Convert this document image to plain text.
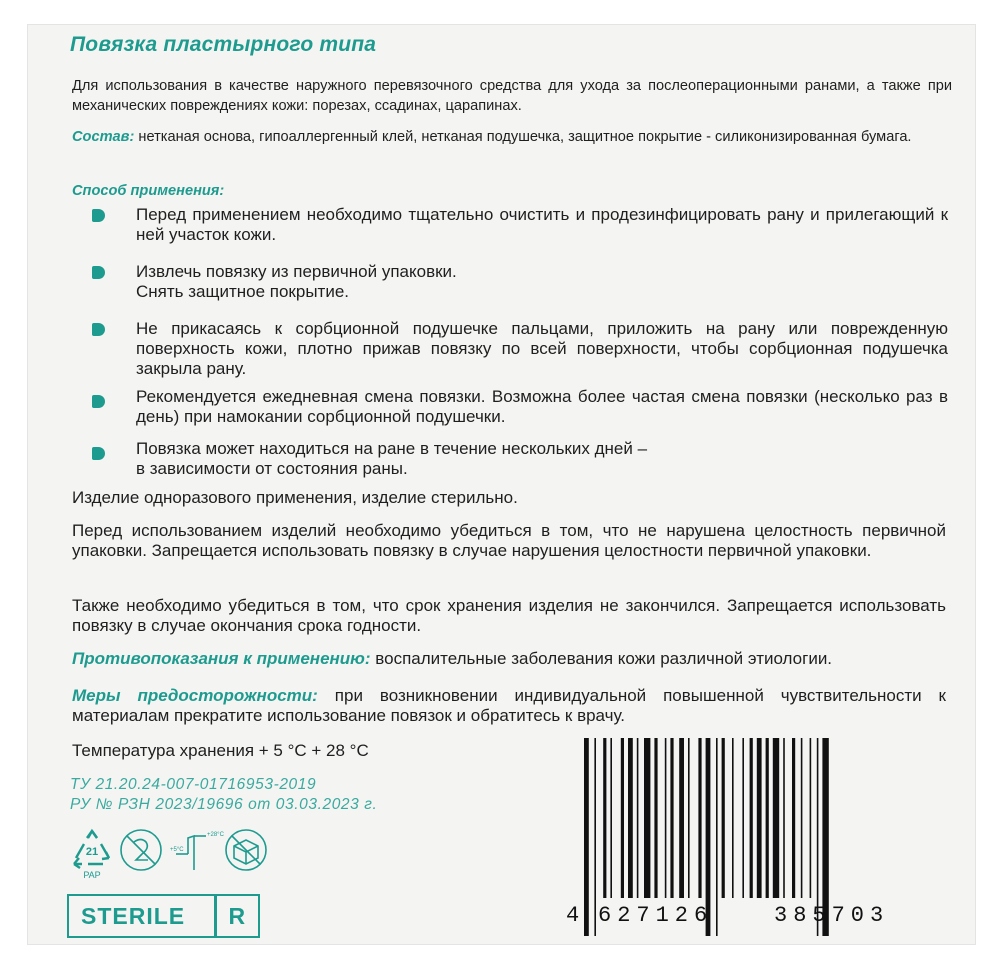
Повязка пластырного типа
Для использования в качестве наружного перевязочного средства для ухода за послеоперационными ранами, а также при механических повреждениях кожи: порезах, ссадинах, царапинах.
Состав: нетканая основа, гипоаллергенный клей, нетканая подушечка, защитное покрытие - силиконизированная бумага.
Способ применения:
Перед применением необходимо тщательно очистить и продезинфицировать рану и прилегающий к ней участок кожи.
Извлечь повязку из первичной упаковки.
Снять защитное покрытие.
Не прикасаясь к сорбционной подушечке пальцами, приложить на рану или поврежденную поверхность кожи, плотно прижав повязку по всей поверхности, чтобы сорбционная подушечка закрыла рану.
Рекомендуется ежедневная смена повязки. Возможна более частая смена повязки (несколько раз в день) при намокании сорбционной подушечки.
Повязка может находиться на ране в течение нескольких дней –
в зависимости от состояния раны.
Изделие одноразового применения, изделие стерильно.
Перед использованием изделий необходимо убедиться в том, что не нарушена целостность первичной упаковки. Запрещается использовать повязку в случае нарушения целостности первичной упаковки.
Также необходимо убедиться в том, что срок хранения изделия не закончился. Запрещается использовать повязку в случае окончания срока годности.
Противопоказания к применению: воспалительные заболевания кожи различной этиологии.
Меры предосторожности: при возникновении индивидуальной повышенной чувствительности к материалам прекратите использование повязок и обратитесь к врачу.
Температура хранения + 5 °C + 28 °C
ТУ 21.20.24-007-01716953-2019
РУ № РЗН 2023/19696 от 03.03.2023 г.
21
PAP
+28°C
+5°C
STERILE	R	4 627126	385703
